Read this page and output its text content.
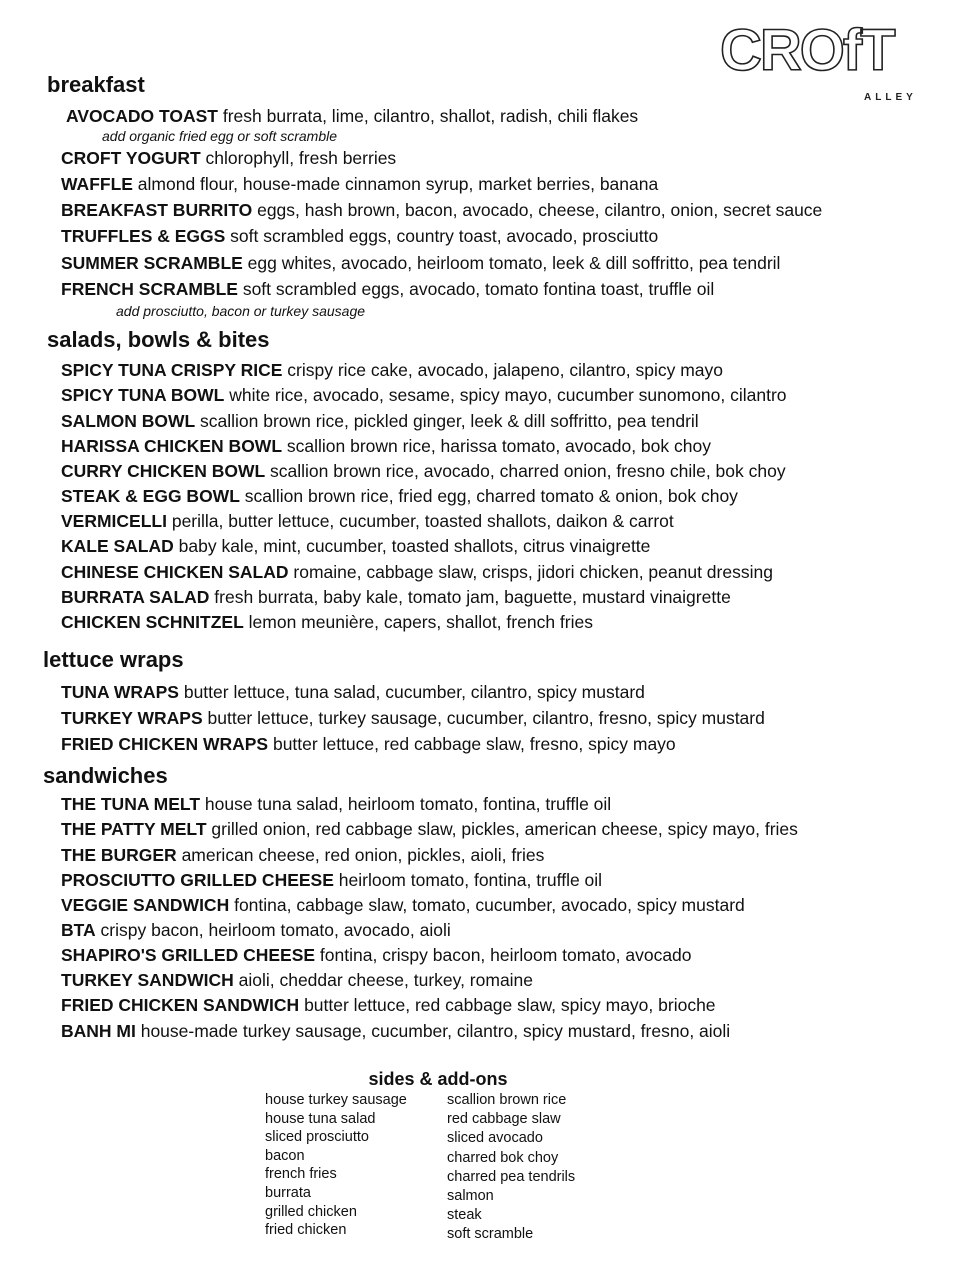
CROfT
ALLEY
breakfast
AVOCADO TOAST fresh burrata, lime, cilantro, shallot, radish, chili flakes
add organic fried egg or soft scramble
CROFT YOGURT chlorophyll, fresh berries
WAFFLE almond flour, house-made cinnamon syrup, market berries, banana
BREAKFAST BURRITO eggs, hash brown, bacon, avocado, cheese, cilantro, onion, secret sauce
TRUFFLES & EGGS soft scrambled eggs, country toast, avocado, prosciutto
SUMMER SCRAMBLE egg whites, avocado, heirloom tomato, leek & dill soffritto, pea tendril
FRENCH SCRAMBLE soft scrambled eggs, avocado, tomato fontina toast, truffle oil
add prosciutto, bacon or turkey sausage
salads, bowls & bites
SPICY TUNA CRISPY RICE crispy rice cake, avocado, jalapeno, cilantro, spicy mayo
SPICY TUNA BOWL white rice, avocado, sesame, spicy mayo, cucumber sunomono, cilantro
SALMON BOWL scallion brown rice, pickled ginger, leek & dill soffritto, pea tendril
HARISSA CHICKEN BOWL scallion brown rice, harissa tomato, avocado, bok choy
CURRY CHICKEN BOWL scallion brown rice, avocado, charred onion, fresno chile, bok choy
STEAK & EGG BOWL scallion brown rice, fried egg, charred tomato & onion, bok choy
VERMICELLI perilla, butter lettuce, cucumber, toasted shallots, daikon & carrot
KALE SALAD baby kale, mint, cucumber, toasted shallots, citrus vinaigrette
CHINESE CHICKEN SALAD romaine, cabbage slaw, crisps, jidori chicken, peanut dressing
BURRATA SALAD fresh burrata, baby kale, tomato jam, baguette, mustard vinaigrette
CHICKEN SCHNITZEL lemon meunière, capers, shallot, french fries
lettuce wraps
TUNA WRAPS butter lettuce, tuna salad, cucumber, cilantro, spicy mustard
TURKEY WRAPS butter lettuce, turkey sausage, cucumber, cilantro, fresno, spicy mustard
FRIED CHICKEN WRAPS butter lettuce, red cabbage slaw, fresno, spicy mayo
sandwiches
THE TUNA MELT house tuna salad, heirloom tomato, fontina, truffle oil
THE PATTY MELT grilled onion, red cabbage slaw, pickles, american cheese, spicy mayo, fries
THE BURGER american cheese, red onion, pickles, aioli, fries
PROSCIUTTO GRILLED CHEESE heirloom tomato, fontina, truffle oil
VEGGIE SANDWICH fontina, cabbage slaw, tomato, cucumber, avocado, spicy mustard
BTA crispy bacon, heirloom tomato, avocado, aioli
SHAPIRO'S GRILLED CHEESE fontina, crispy bacon, heirloom tomato, avocado
TURKEY SANDWICH aioli, cheddar cheese, turkey, romaine
FRIED CHICKEN SANDWICH butter lettuce, red cabbage slaw, spicy mayo, brioche
BANH MI house-made turkey sausage, cucumber, cilantro, spicy mustard, fresno, aioli
sides & add-ons
house turkey sausage
house tuna salad
sliced prosciutto
bacon
french fries
burrata
grilled chicken
fried chicken
scallion brown rice
red cabbage slaw
sliced avocado
charred bok choy
charred pea tendrils
salmon
steak
soft scramble
